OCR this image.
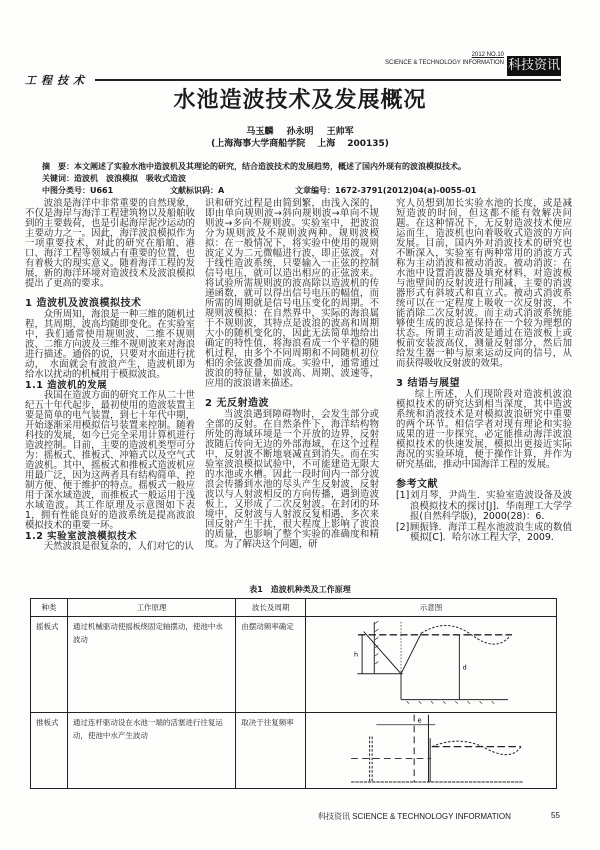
工程技术
2012 NO.10
SCIENCE & TECHNOLOGY INFORMATION 科技资讯
水池造波技术及发展概况
马玉麟 孙永明 王帅军
(上海海事大学商船学院 上海 200135)
摘　要：本文阐述了实验水池中造波机及其理论的研究，结合造波技术的发展趋势，概述了国内外现有的波浪模拟技术。
关键词：造波机　波浪模拟　吸收式造波
中图分类号：U661	文献标识码：A	文章编号：1672-3791(2012)04(a)-0055-01

波浪是海洋中非常重要的自然现象，不仅是海岸与海洋工程建筑物以及船舶收到的主要载荷，也是引起海岸泥沙运动的主要动力之一。因此，海洋波浪模拟作为一项重要技术，对此的研究在船舶、港口、海洋工程等领域占有重要的位置，也有着极大的现实意义。随着海洋工程的发展，新的海洋环境对造波技术及波浪模拟提出了更高的要求。

1 造波机及波浪模拟技术

众所周知，海浪是一种三维的随机过程，其周期、波高均随即变化。在实验室中，我们通常使用规则波、二维不规则波、二维方向波及三维不规则波来对海浪进行描述。通俗的说，只要对水面进行扰动，　水面就会有波浪产生，造波机即为给水以扰动的机械用于模拟波浪。

1.1 造波机的发展

我国在造波方面的研究工作从二十世纪五十年代起步，最初使用的造波装置主要是简单的电气装置，到七十年代中期，开始逐渐采用模拟信号装置来控制。随着科技的发展，如今已完全采用计算机进行造波控制。目前，主要的造波机类型可分为：摇板式、推板式、冲箱式以及空气式造波机。其中，摇板式和推板式造波机应用最广泛，因为这两者具有结构简单、控制方便、便于维护的特点。摇板式一般应用于深水域造波，而推板式一般运用于浅水域造波。其工作原理及示意图如下表1，拥有性能良好的造波系统是提高波浪模拟技术的重要一环。

1.2 实验室波浪模拟技术

天然波浪是很复杂的，人们对它的认

识和研究过程是由简到繁，由浅入深的，即由单向规则波→斜向规则波→单向不规则波→多向不规则波。实验室中，把波浪分为规则波及不规则波两种。规则波模拟：在一般情况下，将实验中使用的规则波定义为二元微幅进行波，即正弦波。对于线性造波系统，只要输入一正弦的控制信号电压，就可以造出相应的正弦波来。将试验所需规则波的波高除以造波机的传递函数，就可以得出信号电压的幅值，而所需的周期就是信号电压变化的周期。不规则波模拟：在自然界中，实际的海浪属于不规则波，其特点是波浪的波高和周期大小的随机变化的，因此无法简单地给出确定的特性值，将海浪看成一个平稳的随机过程，由多个不同周期和不同随机初位相的余弦波叠加而成。实验中，通常通过波浪的特征量，如波高、周期、波速等，应用的波浪谱来描述。

2 无反射造波

当波浪遇到障碍物时，会发生部分或全部的反射。在自然条件下，海洋结构物所处的海域环境是一个开放的边界，反射波随后传向无边的外部海域，在这个过程中，反射波不断地衰减直到消失。而在实验室波浪模拟试验中，不可能建造无限大的水池或水槽。因此一段时间内一部分波浪会传播到水池的尽头产生反射波，反射波以与人射波相反的方向传播，遇到造波板上，又形成了二次反射波。在封闭的环境中，反射波与人射波反复相遇，多次来回反射产生干扰，很大程度上影响了波浪的质量，也影响了整个实验的准确度和精度。为了解决这个问题，研

究人员想到加长实验水池的长度，或是减短造波的时间，但这都不能有效解决问题。在这种情况下，无反射造波技术便应运而生，造波机也向着吸收式造波的方向发展。目前，国内外对消波技术的研究也不断深入，实验室有两种常用的消波方式称为主动消波和被动消波。被动消波：在水池中设置消波器及填充材料，对造波板与池壁间的反射波进行削减，主要的消波器形式有斜坡式和直立式。被动式消波系统可以在一定程度上吸收一次反射波，不能消除二次反射波。而主动式消波系统能够使生成的波总是保持在一个较为理想的状态。所谓主动消波是通过在造波板上或板前安装波高仪，测量反射部分，然后加给发生器一种与原来运动反向的信号，从而获得吸收反射波的效果。

3 结语与展望

综上所述，人们现阶段对造波机波浪模拟技术的研究达到相当深度，其中造波系统和消波技术是对模拟波浪研究中重要的两个环节。相信学者对现有理论和实验成果的进一步探究，必定能推动海洋波浪模拟技术的快速发展，模拟出更接近实际海况的实验环境，便于操作计算，并作为研究基础，推动中国海洋工程的发展。

参考文献
[1] 刘月琴，尹尚生．实验室造波设备及波浪模拟技术的探讨[J]．华南理工大学学报(自然科学版)，2000(28)：6．
[2] 顾振锋．海洋工程水池波浪生成的数值模拟[C]．哈尔冰工程大学，2009．
表1　造波机种类及工作原理
种类	工作原理	波长及周期	示意图
摇板式	通过机械驱动使摇板绕固定轴摆动，使池中水波动	由摆动频率确定	h
d

推板式	通过连杆驱动设在水池一端的活塞进行往复运动，使池中水产生波动	取决于往复频率	e
科技资讯 SCIENCE & TECHNOLOGY INFORMATION	55
